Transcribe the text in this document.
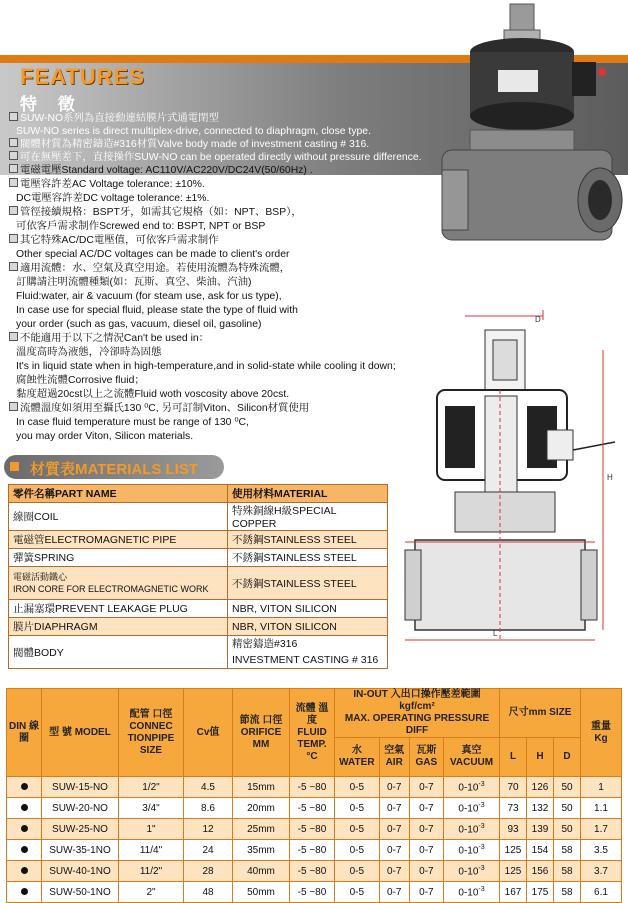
FEATURES
特 徵
SUW-NO系列為直接動連結膜片式通電閉型
SUW-NO series is direct multiplex-drive, connected to diaphragm, close type.
閥體材質為精密鑄造#316材質Valve body made of investment casting # 316.
可在無壓差下，直接操作SUW-NO can be operated directly without pressure difference.
電磁電壓Standard voltage: AC110V/AC220V/DC24V(50/60Hz) .
電壓容許差AC Voltage tolerance: ±10%.
DC電壓容許差DC voltage tolerance: ±1%.
管徑接續規格：BSPT牙，如需其它規格（如：NPT、BSP），
可依客戶需求制作Screwed end to: BSPT, NPT or BSP
其它特殊AC/DC電壓值，可依客戶需求制作
Other special AC/DC voltages can be made to client's order
適用流體：水、空氣及真空用途。若使用流體為特殊流體，
訂購請注明流體種類(如：瓦斯、真空、柴油、汽油)
Fluid:water, air & vacuum (for steam use, ask for us type),
In case use for special fluid, please state the type of fluid with
your order (such as gas, vacuum, diesel oil, gasoline)
不能適用于以下之情況Can't be used in：
溫度高時為液態，冷卻時為固態
It's in liquid state when in high-temperature,and in solid-state while cooling it down;
腐蝕性流體Corrosive fluid；
黏度超過20cst以上之流體Fluid woth voscosity above 20cst.
流體溫度如須用至攝氏130 ⁰C, 另可訂制Viton、Silicon材質使用
In case fluid temperature must be range of 130 ⁰C,
you may order Viton, Silicon materials.
D
H
L
材質表MATERIALS LIST
零件名稱PART NAME	使用材料MATERIAL
線圈COIL	特殊銅線H級SPECIAL COPPER
電磁管ELECTROMAGNETIC PIPE	不銹鋼STAINLESS STEEL
彈簧SPRING	不銹鋼STAINLESS STEEL

電磁活動鐵心
IRON CORE FOR ELECTROMAGNETIC WORK	不銹鋼STAINLESS STEEL
止漏塞環PREVENT LEAKAGE PLUG	NBR, VITON SILICON
膜片DIAPHRAGM	NBR, VITON SILICON
閥體BODY	精密鑄造#316
INVESTMENT CASTING # 316
DIN 線圈	型 號 MODEL	配管 口徑 CONNEC TIONPIPE SIZE	Cv值	節流 口徑 ORIFICE MM	流體 溫度 FLUID TEMP. °C	IN-OUT 入出口操作壓差範圍kgf/cm²
MAX. OPERATING PRESSURE DIFF				尺寸mm SIZE			重量 Kg
						水 WATER	空氣 AIR	瓦斯 GAS	真空 VACUUM	L	H	D	
	SUW-15-NO	1/2"	4.5	15mm	-5 ~80	0-5	0-7	0-7	$0-10^{-3}$	70	126	50	1
	SUW-20-NO	3/4"	8.6	20mm	-5 ~80	0-5	0-7	0-7	$0-10^{-3}$	73	132	50	1.1
	SUW-25-NO	1"	12	25mm	-5 ~80	0-5	0-7	0-7	$0-10^{-3}$	93	139	50	1.7
	SUW-35-1NO	11/4"	24	35mm	-5 ~80	0-5	0-7	0-7	$0-10^{-3}$	125	154	58	3.5
	SUW-40-1NO	11/2"	28	40mm	-5 ~80	0-5	0-7	0-7	$0-10^{-3}$	125	156	58	3.7
	SUW-50-1NO	2"	48	50mm	-5 ~80	0-5	0-7	0-7	$0-10^{-3}$	167	175	58	6.1
